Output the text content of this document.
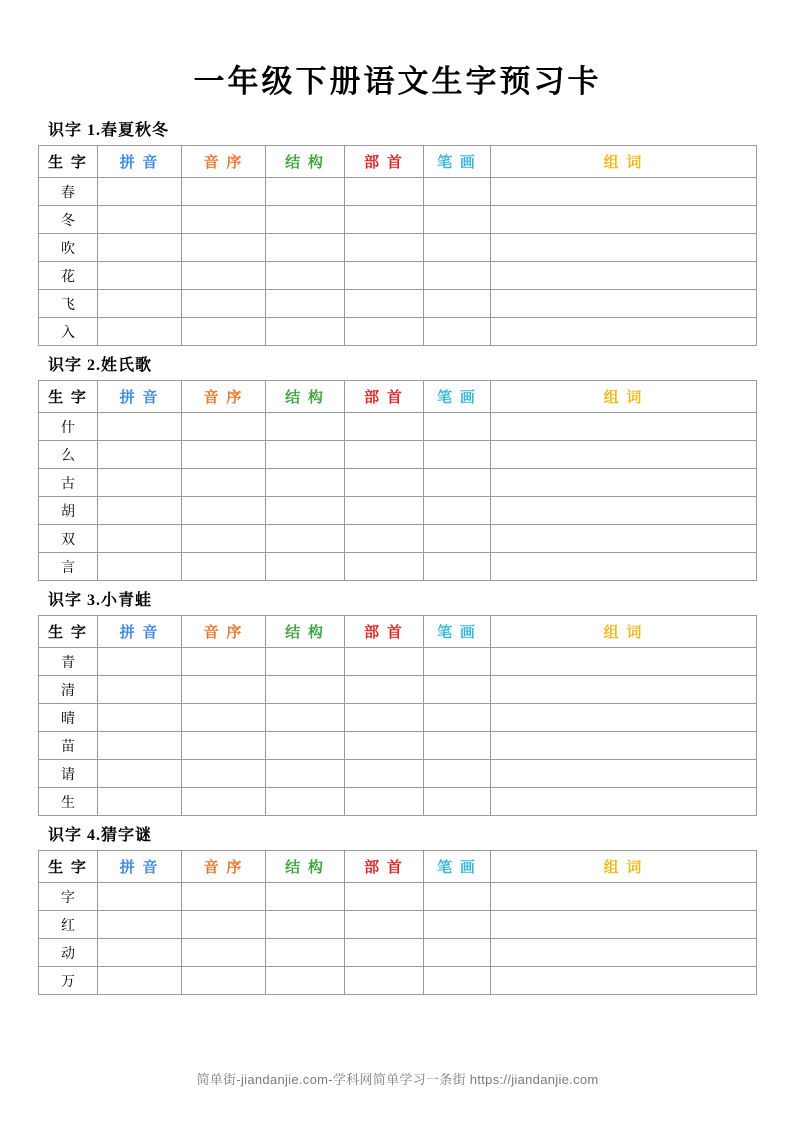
一年级下册语文生字预习卡
识字 1.春夏秋冬
生 字	拼 音	音 序	结 构	部 首	笔 画	组 词
春						
冬						
吹						
花						
飞						
入						
识字 2.姓氏歌
生 字	拼 音	音 序	结 构	部 首	笔 画	组 词
什						
么						
古						
胡						
双						
言						
识字 3.小青蛙
生 字	拼 音	音 序	结 构	部 首	笔 画	组 词
青						
清						
晴						
苗						
请						
生						
识字 4.猜字谜
生 字	拼 音	音 序	结 构	部 首	笔 画	组 词
字						
红						
动						
万						
简单街-jiandanjie.com-学科网简单学习一条街 https://jiandanjie.com
